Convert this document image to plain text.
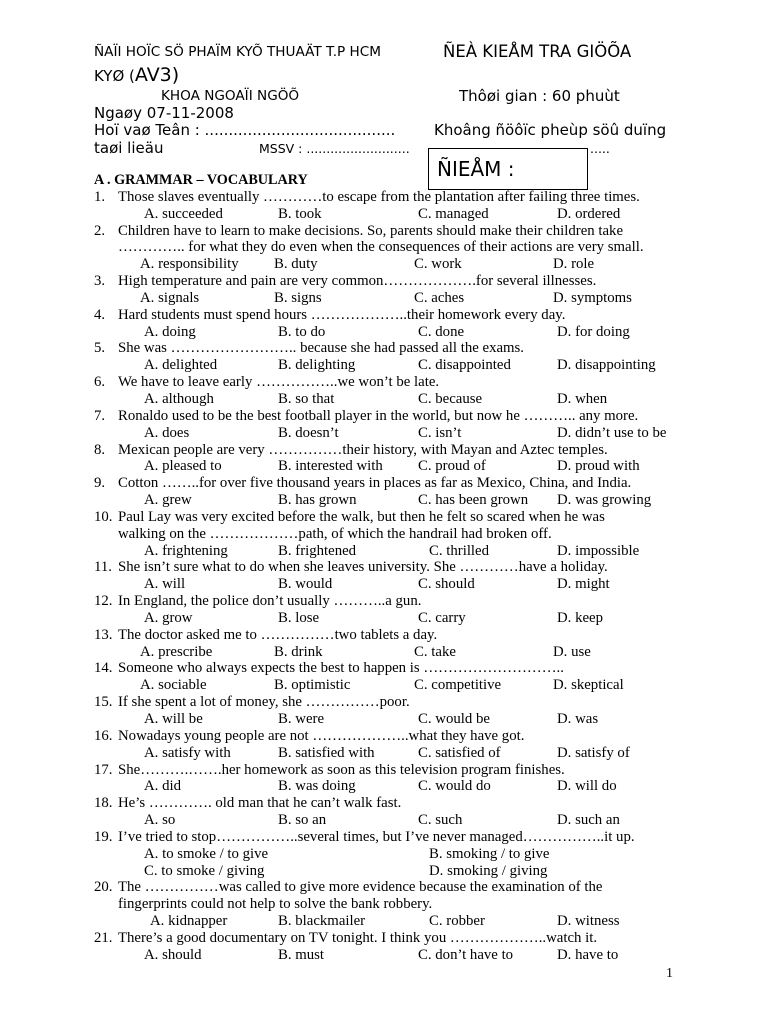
ÑAÏI HOÏC SÖ PHAÏM KYÕ THUAÄT T.P HCM	ÑEÀ KIEÅM TRA GIÖÕA
KYØ (AV3)
KHOA NGOAÏI NGÖÕ	Thôøi gian : 60 phuùt
Ngaøy 07-11-2008
Hoï vaø Teân : ........................................	Khoâng ñöôïc pheùp söû duïng
taøi lieäu	MSSV : ..........................	.....
ÑIEÅM :
A . GRAMMAR – VOCABULARY
1. Those slaves eventually …………to escape from the plantation after failing three times.
A. succeeded	B. took	C. managed	D. ordered
2. Children have to learn to make decisions. So, parents should make their children take
………….. for what they do even when the consequences of their actions are very small.
A. responsibility B. duty	C. work	D. role
3. High temperature and pain are very common……………….for several illnesses.
A. signals	B. signs	C. aches	D. symptoms
4. Hard students must spend hours ………………..their homework every day.
A. doing	B. to do	C. done	D. for doing
5. She was …………………….. because she had passed all the exams.
A. delighted	B. delighting	C. disappointed	D. disappointing
6. We have to leave early ……………..we won’t be late.
A. although	B. so that	C. because	D. when
7. Ronaldo used to be the best football player in the world, but now he ……….. any more.
A. does	B. doesn’t	C. isn’t	D. didn’t use to be
8. Mexican people are very ……………their history, with Mayan and Aztec temples.
A. pleased to	B. interested with C. proud of	D. proud with
9. Cotton ……..for over five thousand years in places as far as Mexico, China, and India.
A. grew	B. has grown	C. has been grown D. was growing
10. Paul Lay was very excited before the walk, but then he felt so scared when he was
walking on the ………………path, of which the handrail had broken off.
A. frightening	B. frightened	C. thrilled	D. impossible
11. She isn’t sure what to do when she leaves university. She …………have a holiday.
A. will	B. would	C. should	D. might
12. In England, the police don’t usually ………..a gun.
A. grow	B. lose	C. carry	D. keep
13. The doctor asked me to ……………two tablets a day.
A. prescribe	B. drink	C. take	D. use
14. Someone who always expects the best to happen is ………………………..
A. sociable	B. optimistic	C. competitive	D. skeptical
15. If she spent a lot of money, she ……………poor.
A. will be	B. were	C. would be	D. was
16. Nowadays young people are not ………………..what they have got.
A. satisfy with	B. satisfied with	C. satisfied of	D. satisfy of
17. She……….…….her homework as soon as this television program finishes.
A. did	B. was doing	C. would do	D. will do
18. He’s …………. old man that he can’t walk fast.
A. so	B. so an	C. such	D. such an
19. I’ve tried to stop……………..several times, but I’ve never managed……………..it up.
A. to smoke / to give	B. smoking / to give
C. to smoke / giving	D. smoking / giving
20. The ……………was called to give more evidence because the examination of the
fingerprints could not help to solve the bank robbery.
A. kidnapper	B. blackmailer	C. robber	D. witness
21. There’s a good documentary on TV tonight. I think you ………………..watch it.
A. should	B. must	C. don’t have to	D. have to
1
